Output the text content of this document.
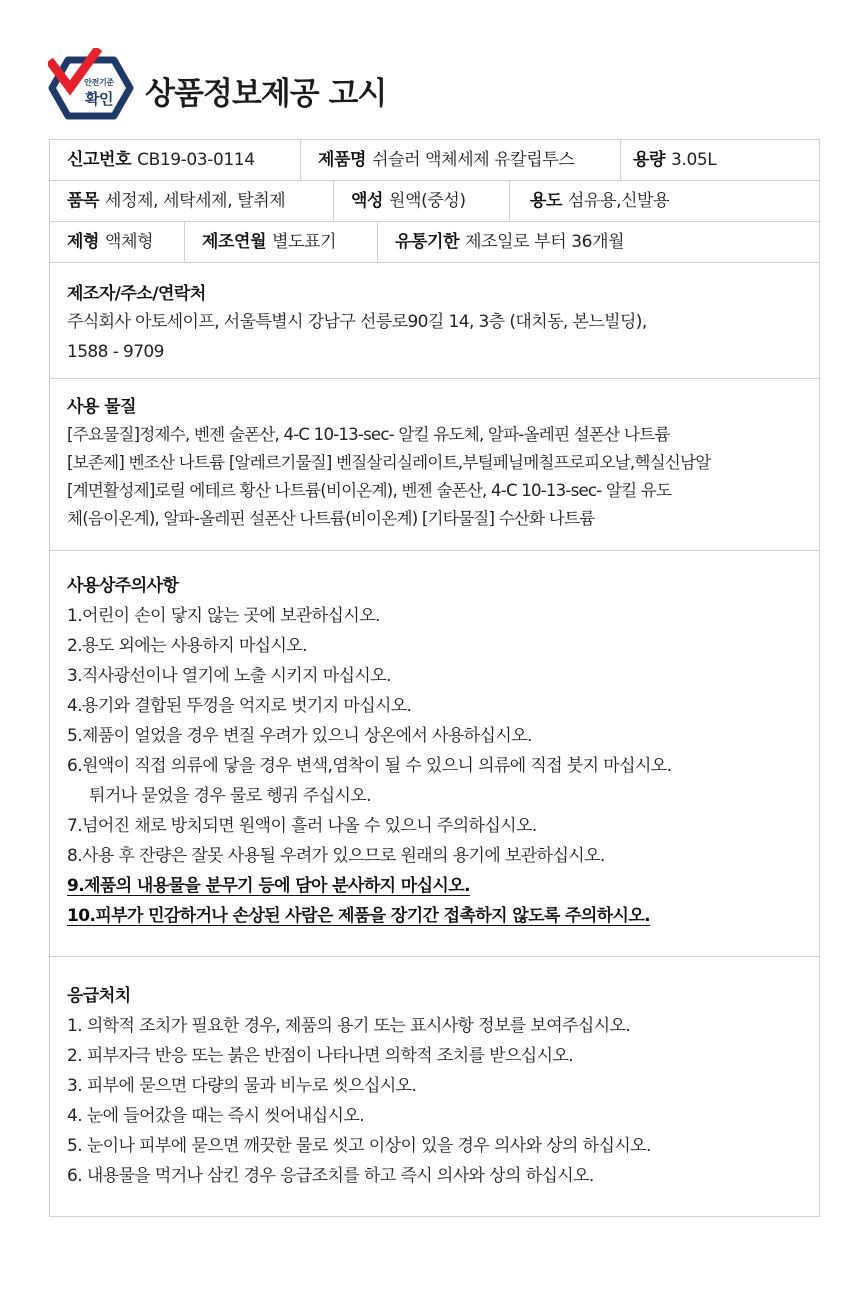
안전기준
확인	상품정보제공 고시
신고번호 CB19-03-0114	제품명 쉬슬러 액체세제 유칼립투스	용량 3.05L
품목 세정제, 세탁세제, 탈취제	액성 원액(중성)	용도 섬유용,신발용
제형 액체형	제조연월 별도표기	유통기한 제조일로 부터 36개월
제조자/주소/연락처
주식회사 아토세이프, 서울특별시 강남구 선릉로90길 14, 3층 (대치동, 본느빌딩),
1588 - 9709
사용 물질
[주요물질]정제수, 벤젠 술폰산, 4-C 10-13-sec- 알킬 유도체, 알파-올레핀 설폰산 나트륨
[보존제] 벤조산 나트륨 [알레르기물질] 벤질살리실레이트,부틸페닐메칠프로피오날,헥실신남알
[계면활성제]로릴 에테르 황산 나트륨(비이온계), 벤젠 술폰산, 4-C 10-13-sec- 알킬 유도
체(음이온계), 알파-올레핀 설폰산 나트륨(비이온계) [기타물질] 수산화 나트륨
사용상주의사항
1.어린이 손이 닿지 않는 곳에 보관하십시오.
2.용도 외에는 사용하지 마십시오.
3.직사광선이나 열기에 노출 시키지 마십시오.
4.용기와 결합된 뚜껑을 억지로 벗기지 마십시오.
5.제품이 얼었을 경우 변질 우려가 있으니 상온에서 사용하십시오.
6.원액이 직접 의류에 닿을 경우 변색,염착이 될 수 있으니 의류에 직접 붓지 마십시오.
튀거나 묻었을 경우 물로 헹궈 주십시오.
7.넘어진 채로 방치되면 원액이 흘러 나올 수 있으니 주의하십시오.
8.사용 후 잔량은 잘못 사용될 우려가 있으므로 원래의 용기에 보관하십시오.
9.제품의 내용물을 분무기 등에 담아 분사하지 마십시오.
10.피부가 민감하거나 손상된 사람은 제품을 장기간 접촉하지 않도록 주의하시오.
응급처치
1. 의학적 조치가 필요한 경우, 제품의 용기 또는 표시사항 정보를 보여주십시오.
2. 피부자극 반응 또는 붉은 반점이 나타나면 의학적 조치를 받으십시오.
3. 피부에 묻으면 다량의 물과 비누로 씻으십시오.
4. 눈에 들어갔을 때는 즉시 씻어내십시오.
5. 눈이나 피부에 묻으면 깨끗한 물로 씻고 이상이 있을 경우 의사와 상의 하십시오.
6. 내용물을 먹거나 삼킨 경우 응급조치를 하고 즉시 의사와 상의 하십시오.
